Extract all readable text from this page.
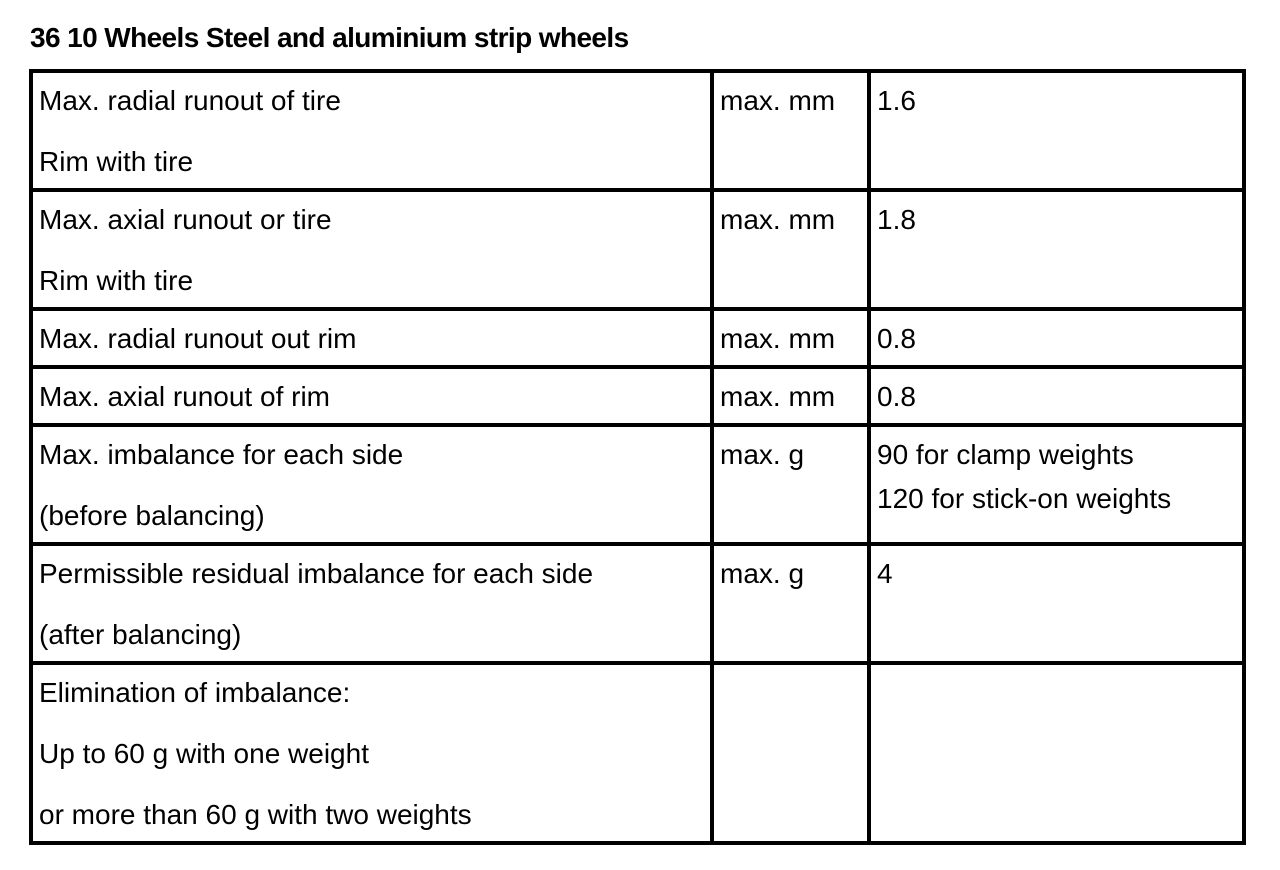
36 10 Wheels Steel and aluminium strip wheels
Max. radial runout of tire
Rim with tire	max. mm	1.6

Max. axial runout or tire
Rim with tire	max. mm	1.8

Max. radial runout out rim	max. mm	0.8

Max. axial runout of rim	max. mm	0.8

Max. imbalance for each side
(before balancing)	max. g	90 for clamp weights
120 for stick-on weights

Permissible residual imbalance for each side
(after balancing)	max. g	4

Elimination of imbalance:
Up to 60 g with one weight
or more than 60 g with two weights		
